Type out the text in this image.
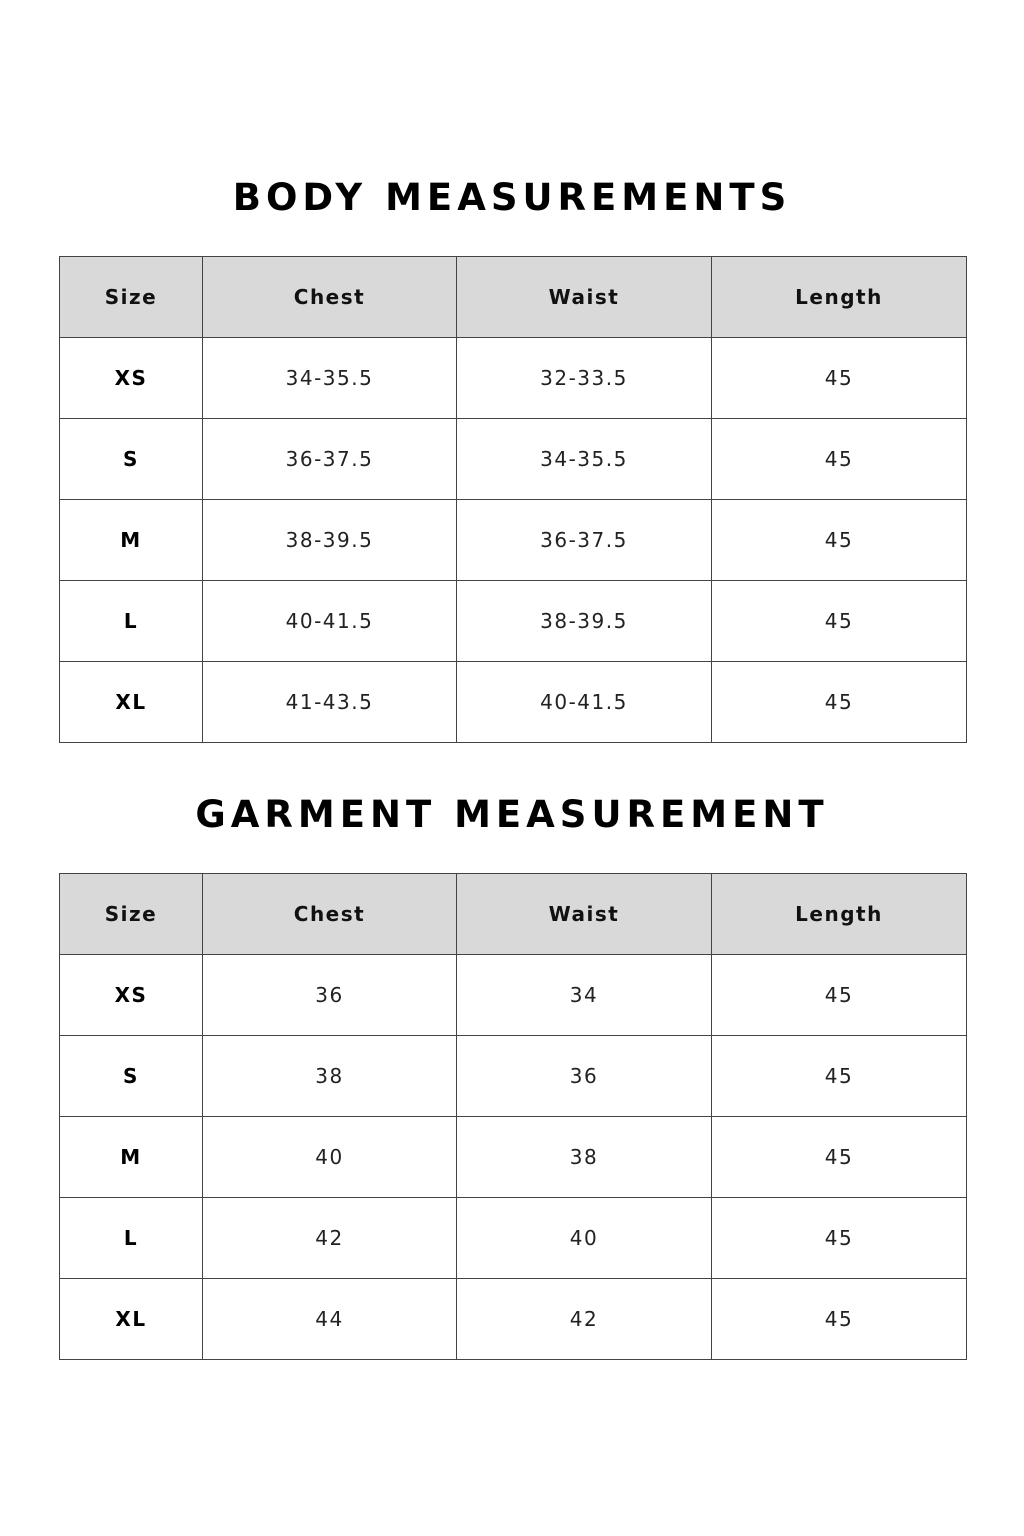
BODY MEASUREMENTS
Size	Chest	Waist	Length
XS	34-35.5	32-33.5	45
S	36-37.5	34-35.5	45
M	38-39.5	36-37.5	45
L	40-41.5	38-39.5	45
XL	41-43.5	40-41.5	45
GARMENT MEASUREMENT
Size	Chest	Waist	Length
XS	36	34	45
S	38	36	45
M	40	38	45
L	42	40	45
XL	44	42	45
